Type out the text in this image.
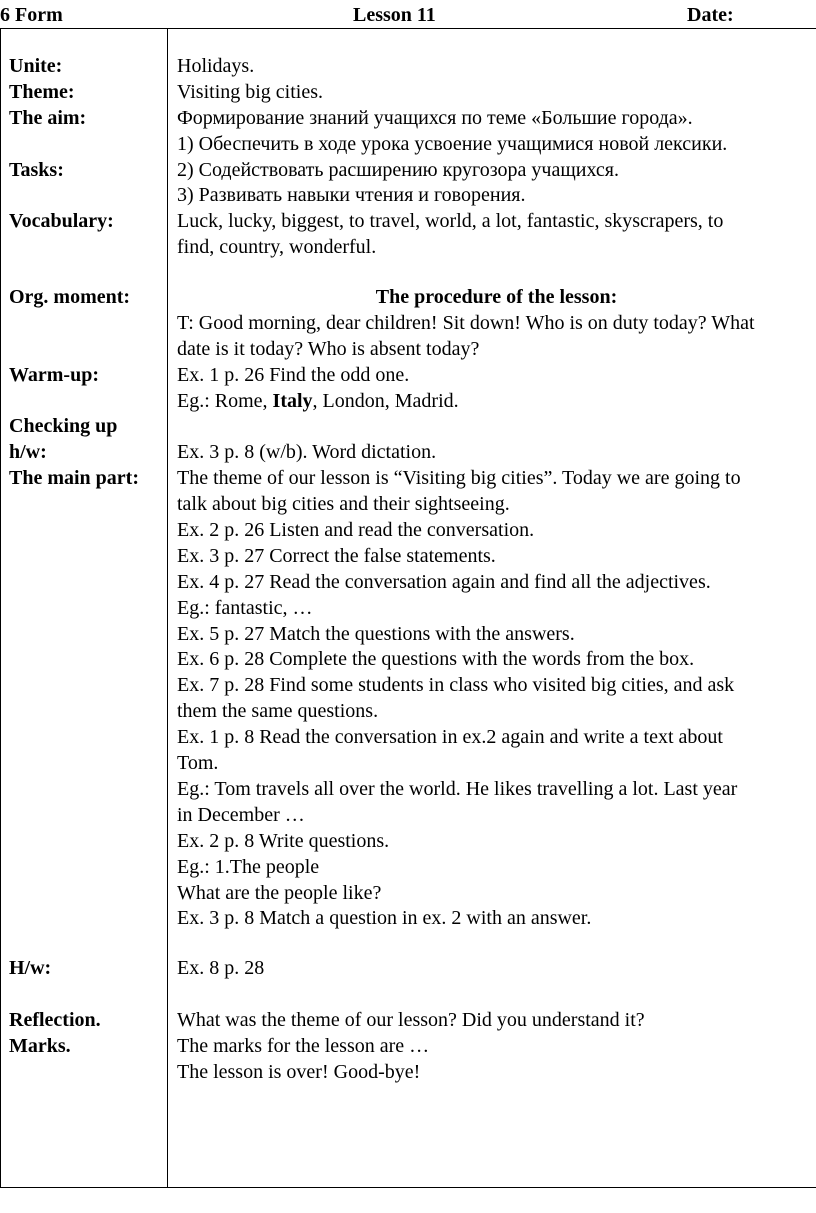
6 Form	Lesson 11	Date:
Unite:
Theme:
The aim:
Tasks:
Vocabulary:
Org. moment:
Warm-up:
Checking up
h/w:
The main part:
H/w:
Reflection.
Marks.
Holidays.
Visiting big cities.
Формирование знаний учащихся по теме «Большие города».
1) Обеспечить в ходе урока усвоение учащимися новой лексики.
2) Содействовать расширению кругозора учащихся.
3) Развивать навыки чтения и говорения.
Luck, lucky, biggest, to travel, world, a lot, fantastic, skyscrapers, to
find, country, wonderful.
The procedure of the lesson:
T: Good morning, dear children! Sit down! Who is on duty today? What
date is it today? Who is absent today?
Ex. 1 p. 26 Find the odd one.
Eg.: Rome, Italy, London, Madrid.
Ex. 3 p. 8 (w/b). Word dictation.
The theme of our lesson is “Visiting big cities”. Today we are going to
talk about big cities and their sightseeing.
Ex. 2 p. 26 Listen and read the conversation.
Ex. 3 p. 27 Correct the false statements.
Ex. 4 p. 27 Read the conversation again and find all the adjectives.
Eg.: fantastic, …
Ex. 5 p. 27 Match the questions with the answers.
Ex. 6 p. 28 Complete the questions with the words from the box.
Ex. 7 p. 28 Find some students in class who visited big cities, and ask
them the same questions.
Ex. 1 p. 8 Read the conversation in ex.2 again and write a text about
Tom.
Eg.: Tom travels all over the world. He likes travelling a lot. Last year
in December …
Ex. 2 p. 8 Write questions.
Eg.: 1.The people
What are the people like?
Ex. 3 p. 8 Match a question in ex. 2 with an answer.
Ex. 8 p. 28
What was the theme of our lesson? Did you understand it?
The marks for the lesson are …
The lesson is over! Good-bye!
